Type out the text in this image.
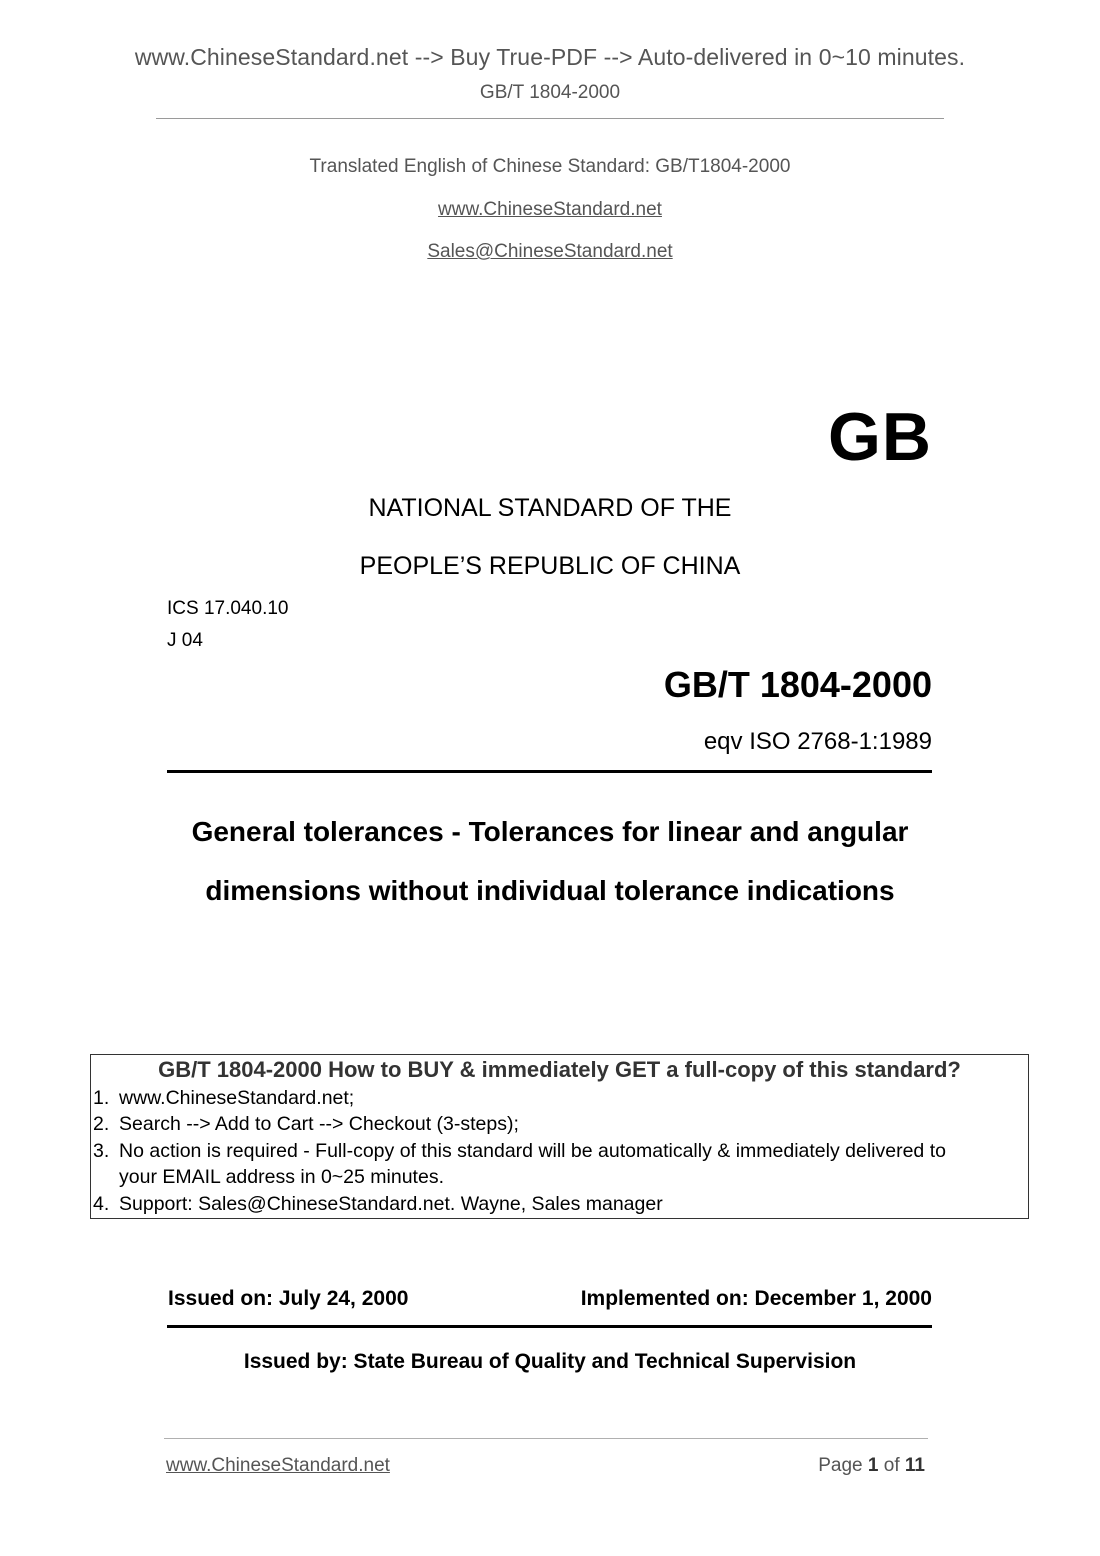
www.ChineseStandard.net --> Buy True-PDF --> Auto-delivered in 0~10 minutes.
GB/T 1804-2000
Translated English of Chinese Standard: GB/T1804-2000
www.ChineseStandard.net
Sales@ChineseStandard.net
GB
NATIONAL STANDARD OF THE
PEOPLE’S REPUBLIC OF CHINA
ICS 17.040.10
J 04
GB/T 1804-2000
eqv ISO 2768-1:1989
General tolerances - Tolerances for linear and angular
dimensions without individual tolerance indications
GB/T 1804-2000 How to BUY & immediately GET a full-copy of this standard?
1. www.ChineseStandard.net;
2. Search --> Add to Cart --> Checkout (3-steps);
3. No action is required - Full-copy of this standard will be automatically & immediately delivered to
your EMAIL address in 0~25 minutes.
4. Support: Sales@ChineseStandard.net. Wayne, Sales manager
Issued on: July 24, 2000	Implemented on: December 1, 2000
Issued by: State Bureau of Quality and Technical Supervision
www.ChineseStandard.net	Page 1 of 11
